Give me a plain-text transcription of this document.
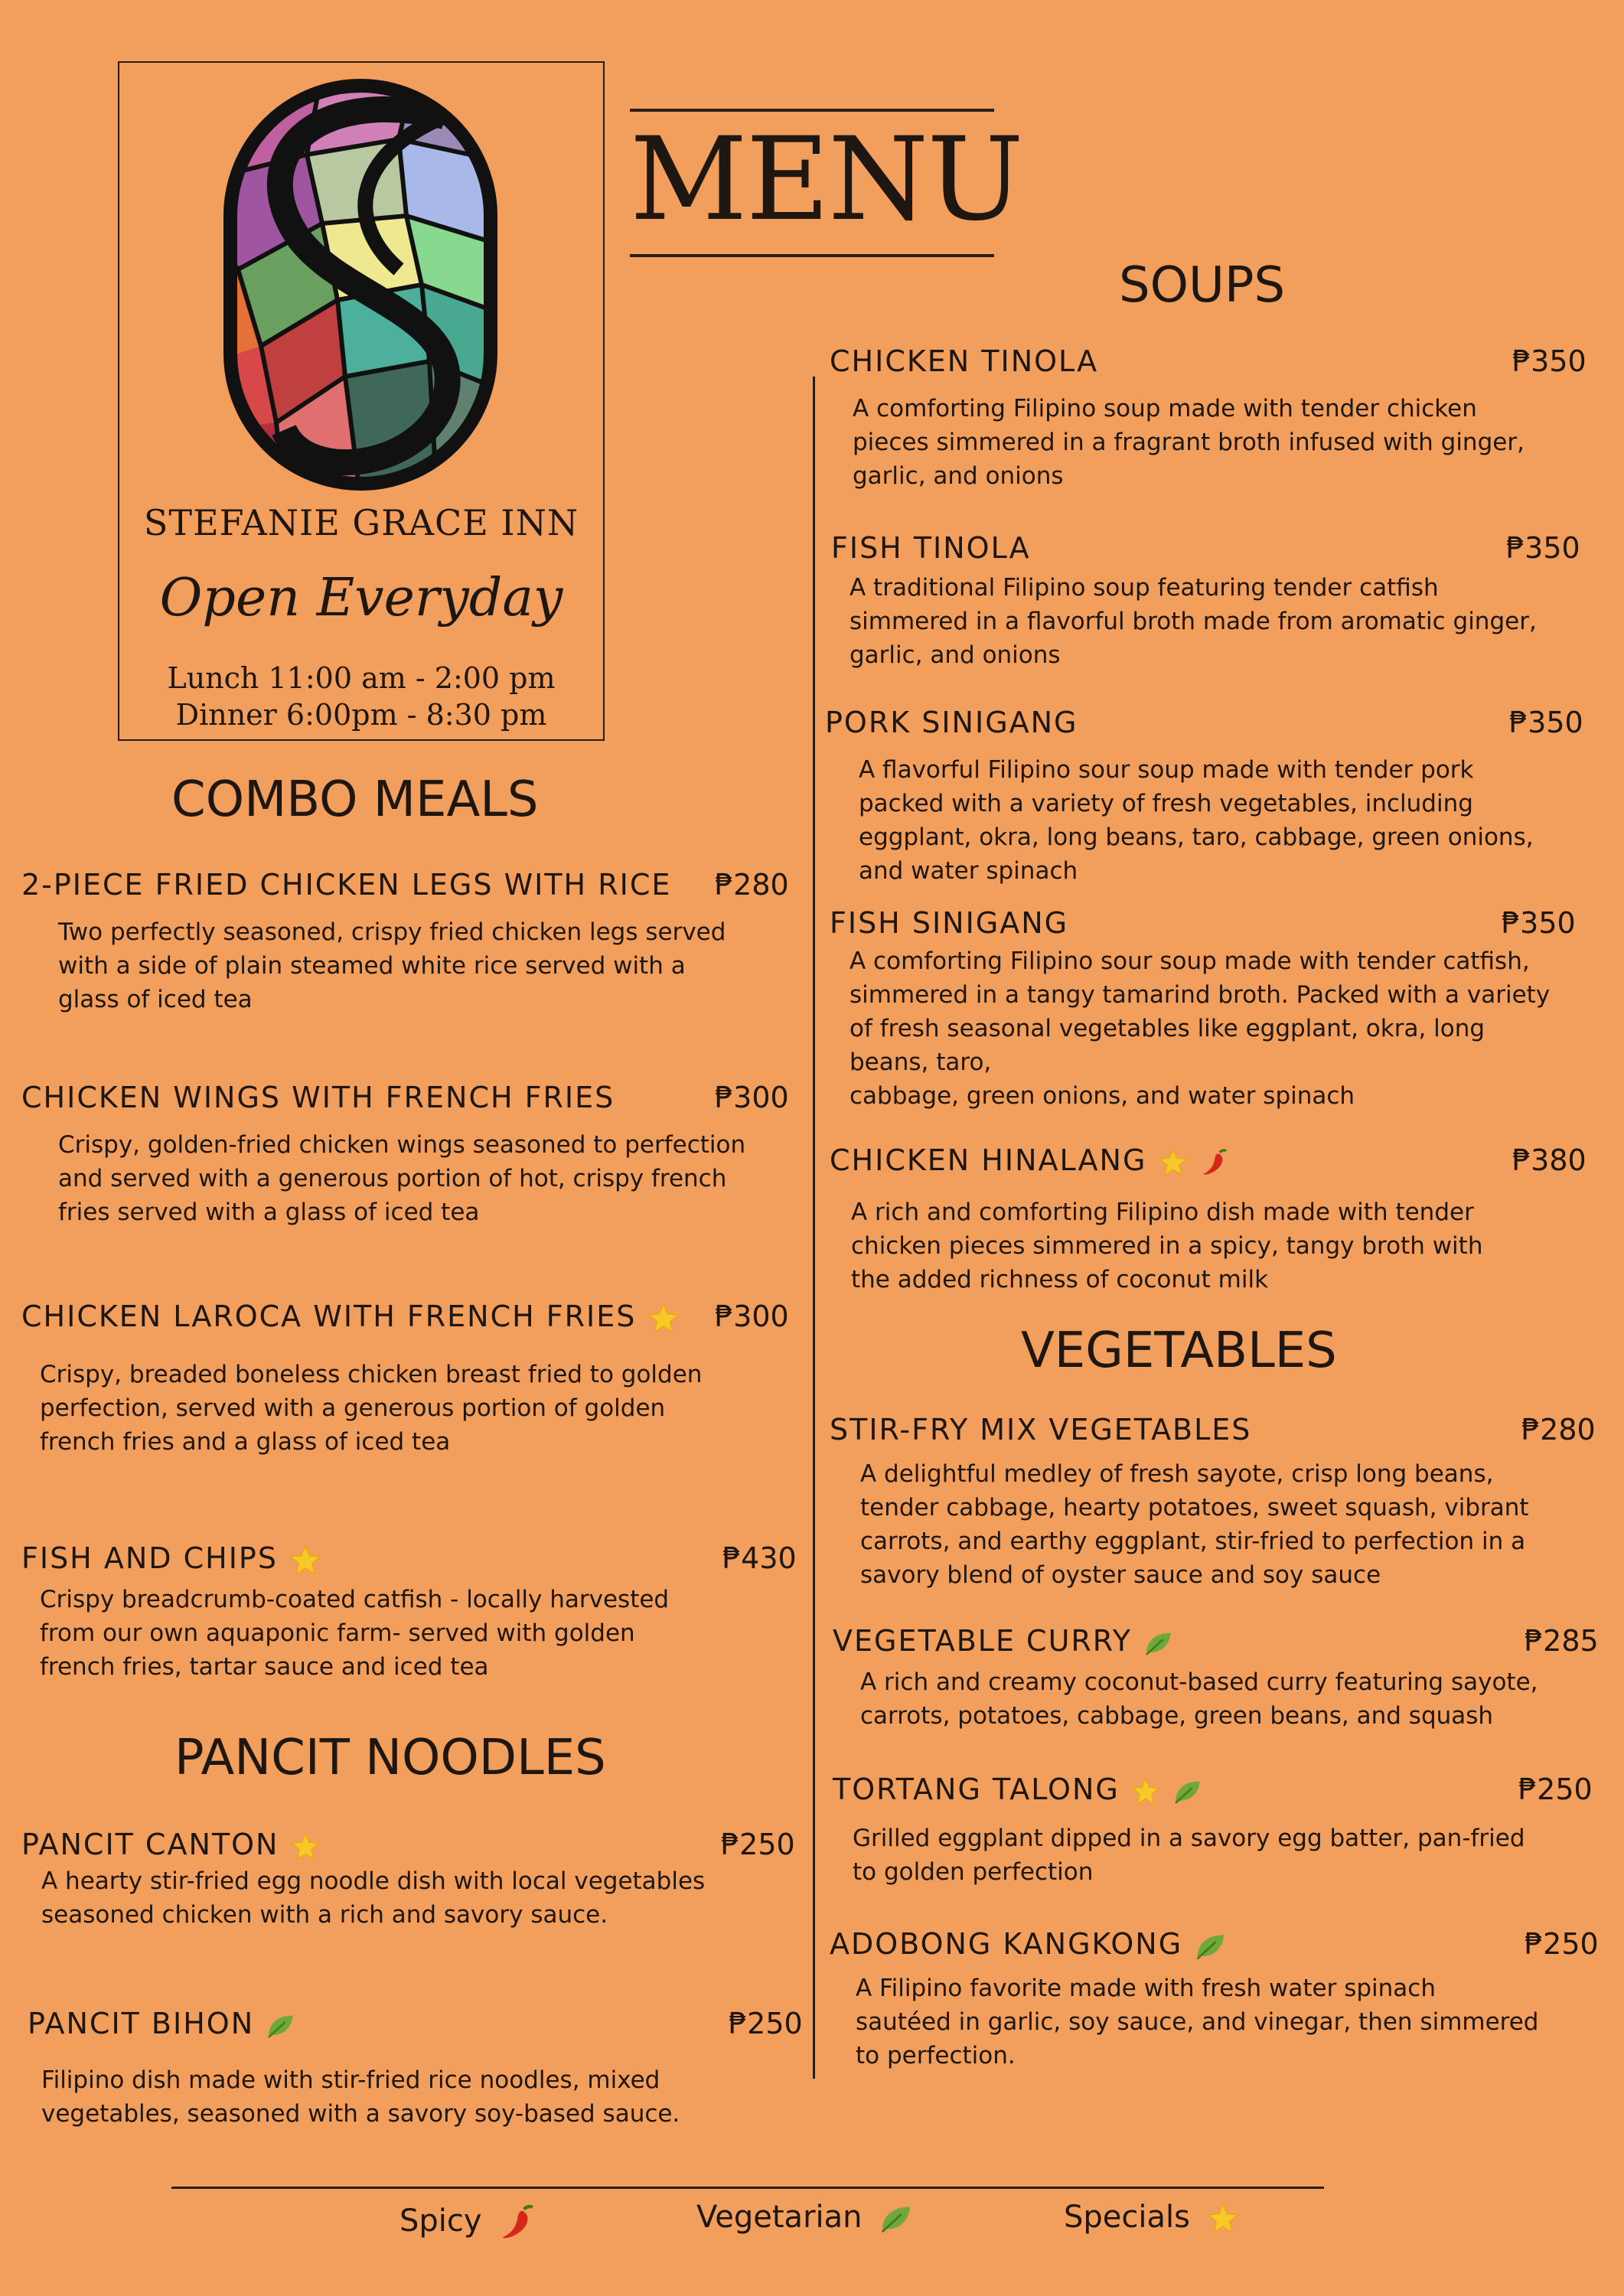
STEFANIE GRACE INN
Open Everyday
Lunch 11:00 am - 2:00 pm
Dinner 6:00pm - 8:30 pm
MENU
COMBO MEALS
2-PIECE FRIED CHICKEN LEGS WITH RICE ₱280
Two perfectly seasoned, crispy fried chicken legs served
with a side of plain steamed white rice served with a
glass of iced tea
CHICKEN WINGS WITH FRENCH FRIES	₱300
Crispy, golden-fried chicken wings seasoned to perfection
and served with a generous portion of hot, crispy french
fries served with a glass of iced tea
CHICKEN LAROCA WITH FRENCH FRIES	₱300
Crispy, breaded boneless chicken breast fried to golden
perfection, served with a generous portion of golden
french fries and a glass of iced tea
FISH AND CHIPS	₱430
Crispy breadcrumb-coated catfish - locally harvested
from our own aquaponic farm- served with golden
french fries, tartar sauce and iced tea
PANCIT NOODLES
PANCIT CANTON	₱250
A hearty stir-fried egg noodle dish with local vegetables
seasoned chicken with a rich and savory sauce.
PANCIT BIHON	₱250
Filipino dish made with stir-fried rice noodles, mixed
vegetables, seasoned with a savory soy-based sauce.
SOUPS
CHICKEN TINOLA	₱350
A comforting Filipino soup made with tender chicken
pieces simmered in a fragrant broth infused with ginger,
garlic, and onions
FISH TINOLA	₱350
A traditional Filipino soup featuring tender catfish
simmered in a flavorful broth made from aromatic ginger,
garlic, and onions
PORK SINIGANG	₱350
A flavorful Filipino sour soup made with tender pork
packed with a variety of fresh vegetables, including
eggplant, okra, long beans, taro, cabbage, green onions,
and water spinach
FISH SINIGANG	₱350
A comforting Filipino sour soup made with tender catfish,
simmered in a tangy tamarind broth. Packed with a variety
of fresh seasonal vegetables like eggplant, okra, long
beans, taro,
cabbage, green onions, and water spinach
CHICKEN HINALANG	₱380
A rich and comforting Filipino dish made with tender
chicken pieces simmered in a spicy, tangy broth with
the added richness of coconut milk
VEGETABLES
STIR-FRY MIX VEGETABLES	₱280
A delightful medley of fresh sayote, crisp long beans,
tender cabbage, hearty potatoes, sweet squash, vibrant
carrots, and earthy eggplant, stir-fried to perfection in a
savory blend of oyster sauce and soy sauce
VEGETABLE CURRY	₱285
A rich and creamy coconut-based curry featuring sayote,
carrots, potatoes, cabbage, green beans, and squash
TORTANG TALONG	₱250
Grilled eggplant dipped in a savory egg batter, pan-fried
to golden perfection
ADOBONG KANGKONG	₱250
A Filipino favorite made with fresh water spinach
sautéed in garlic, soy sauce, and vinegar, then simmered
to perfection.
Spicy	Vegetarian	Specials
